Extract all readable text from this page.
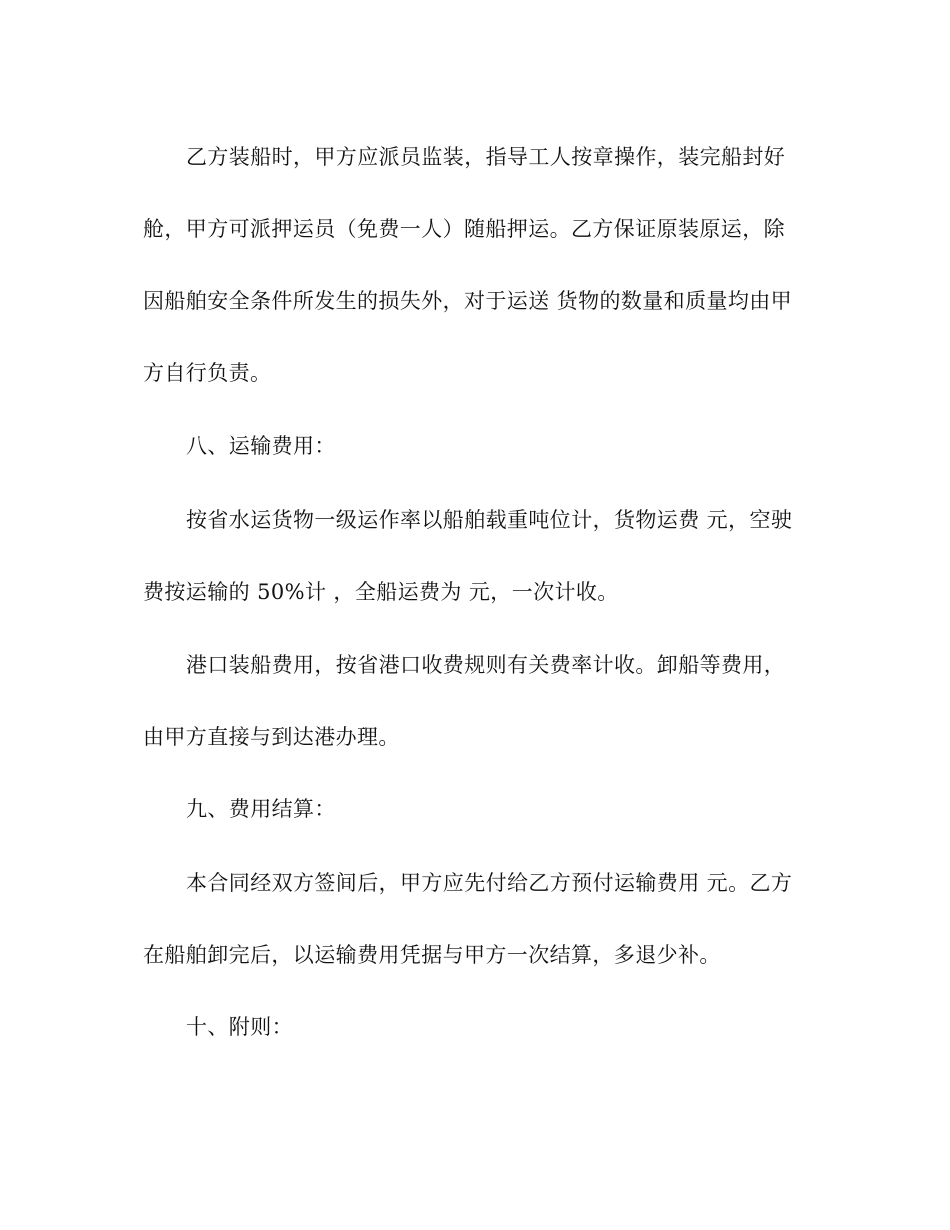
乙方装船时，甲方应派员监装，指导工人按章操作，装完船封好
舱，甲方可派押运员（免费一人）随船押运。乙方保证原装原运，除
因船舶安全条件所发生的损失外，对于运送 货物的数量和质量均由甲
方自行负责。
八、运输费用：
按省水运货物一级运作率以船舶载重吨位计，货物运费 元，空驶
费按运输的 50%计 ，全船运费为 元，一次计收。
港口装船费用，按省港口收费规则有关费率计收。卸船等费用，
由甲方直接与到达港办理。
九、费用结算：
本合同经双方签间后，甲方应先付给乙方预付运输费用 元。乙方
在船舶卸完后，以运输费用凭据与甲方一次结算，多退少补。
十、附则：
